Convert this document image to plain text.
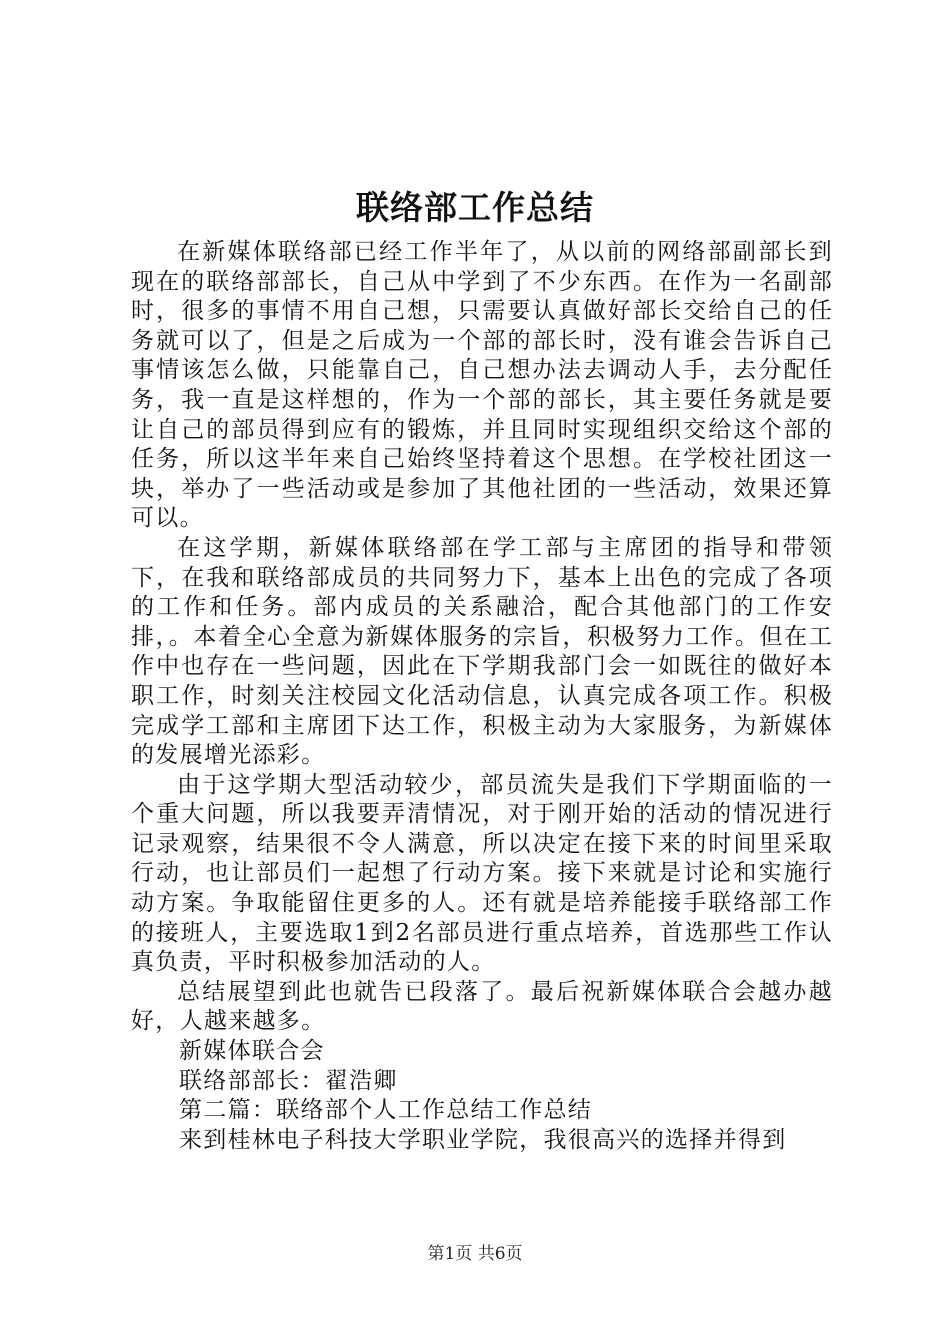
联络部工作总结

在新媒体联络部已经工作半年了，从以前的网络部副部长到现在的联络部部长，自己从中学到了不少东西。在作为一名副部时，很多的事情不用自己想，只需要认真做好部长交给自己的任务就可以了，但是之后成为一个部的部长时，没有谁会告诉自己事情该怎么做，只能靠自己，自己想办法去调动人手，去分配任务，我一直是这样想的，作为一个部的部长，其主要任务就是要让自己的部员得到应有的锻炼，并且同时实现组织交给这个部的任务，所以这半年来自己始终坚持着这个思想。在学校社团这一块，举办了一些活动或是参加了其他社团的一些活动，效果还算可以。

在这学期，新媒体联络部在学工部与主席团的指导和带领下，在我和联络部成员的共同努力下，基本上出色的完成了各项的工作和任务。部内成员的关系融洽，配合其他部门的工作安排，。本着全心全意为新媒体服务的宗旨，积极努力工作。但在工作中也存在一些问题，因此在下学期我部门会一如既往的做好本职工作，时刻关注校园文化活动信息，认真完成各项工作。积极完成学工部和主席团下达工作，积极主动为大家服务，为新媒体的发展增光添彩。

由于这学期大型活动较少，部员流失是我们下学期面临的一个重大问题，所以我要弄清情况，对于刚开始的活动的情况进行记录观察，结果很不令人满意，所以决定在接下来的时间里采取行动，也让部员们一起想了行动方案。接下来就是讨论和实施行动方案。争取能留住更多的人。还有就是培养能接手联络部工作的接班人，主要选取1到2名部员进行重点培养，首选那些工作认真负责，平时积极参加活动的人。

总结展望到此也就告已段落了。最后祝新媒体联合会越办越好，人越来越多。

新媒体联合会

联络部部长：翟浩卿

第二篇：联络部个人工作总结工作总结

来到桂林电子科技大学职业学院，我很高兴的选择并得到

第1页 共6页
